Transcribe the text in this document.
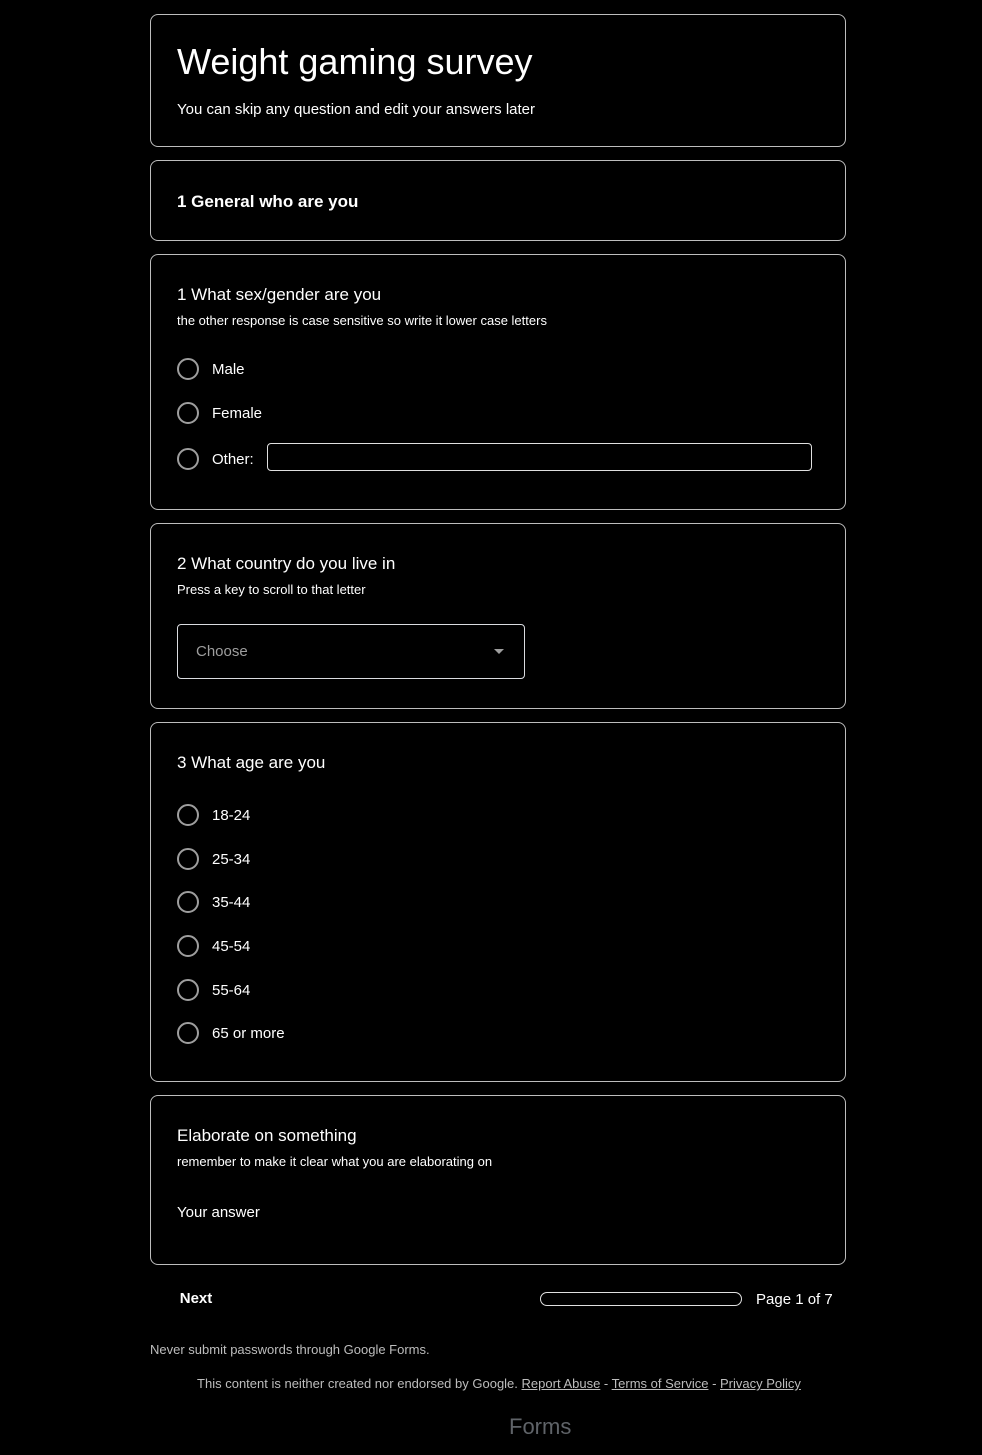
Weight gaming survey
You can skip any question and edit your answers later
1 General who are you
1 What sex/gender are you
the other response is case sensitive so write it lower case letters
Male
Female
Other:
2 What country do you live in
Press a key to scroll to that letter
Choose
3 What age are you
18-24
25-34
35-44
45-54
55-64
65 or more
Elaborate on something
remember to make it clear what you are elaborating on
Your answer
Next	Page 1 of 7
Never submit passwords through Google Forms.
This content is neither created nor endorsed by Google. Report Abuse - Terms of Service - Privacy Policy
Forms
